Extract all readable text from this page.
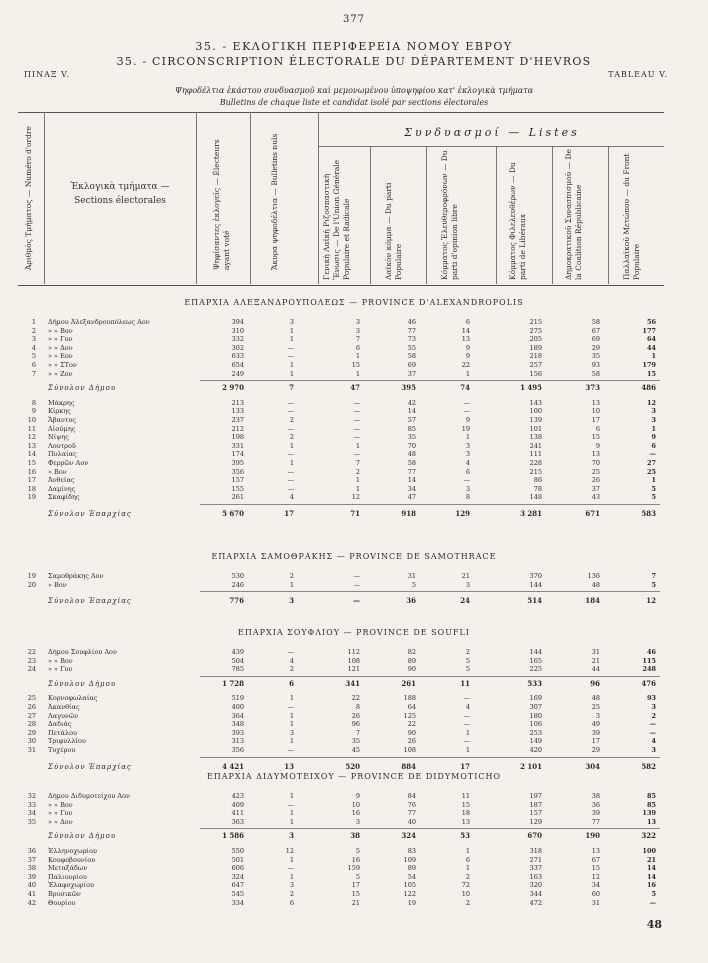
377
35. - ΕΚΛΟΓΙΚΗ ΠΕΡΙΦΕΡΕΙΑ ΝΟΜΟΥ ΕΒΡΟΥ
35. - CIRCONSCRIPTION ÉLECTORALE DU DÉPARTEMENT D'HEVROS
ΠΙΝΑΞ V.	TABLEAU V.
Ψηφοδέλτια ἑκάστου συνδυασμοῦ καὶ μεμονωμένου ὑποψηφίου κατ' ἐκλογικὰ τμήματα
Bulletins de chaque liste et candidat isolé par sections électorales
Ἀριθμὸς Τμήματος — Numéro d'ordre	Ἐκλογικὰ τμήματα — Sections électorales	Ψηφίσαντες ἐκλογεῖς — Électeurs ayant voté	Ἄκυρα ψηφοδέλτια — Bulletins nuls
Συνδυασμοί — Listes
Γενικὴ Λαϊκὴ Ριζοσπαστικὴ Ἕνωσις — De l'Union Générale Populaire et Radicale	Λαϊκὸν κόμμα — Du parti Populaire	Κόμματος Ἐλευθεροφρόνων — Du parti d'opinion libre	Κόμματος Φιλελευθέρων — Du parti de Libéraux	Δημοκρατικοῦ Συνασπισμοῦ — De la Coalition Républicaine	Παλλαϊκοῦ Μετώπου — du Front Populaire
ΕΠΑΡΧΙΑ ΑΛΕΞΑΝΔΡΟΥΠΟΛΕΩΣ — PROVINCE D'ALEXANDROPOLIS
1 Δήμου Ἀλεξανδρουπόλεως Αον	394	3	3	46	6	215	58	56
2 » » Βον	310	1	3	77	14	275	67	177
3 » » Γον	332	1	7	73	13	205	69	64
4 » » Δον	302	—	6	55	9	189	29	44
5 » » Εον	633	—	1	58	9	218	35	1
6 » » ΣΤον	654	1	15	69	22	257	93	179
7 » » Ζον	249	1	1	37	1	156	58	15
Σύνολον Δήμου	2 970	7	47	395	74	1 495	373	486
8 Μάκρης	213	—	—	42	—	143	13	12
9 Κίρκης	133	—	—	14	—	100	10	3
10 Ἄβαντος	237	2	—	57	9	139	17	3
11 Αἰσύμης	212	—	—	85	19	101	6	1
12 Νίψης	198	2	—	35	1	138	15	9
13 Λουτροῦ	331	1	1	70	3	241	9	6
14 Πυλαίας	174	—	—	48	3	111	13	—
15 Φερρῶν Αον	395	1	7	58	4	228	70	27
16 » Βον	356	—	2	77	6	215	25	25
17 Ἀνθείας	157	—	1	14	—	86	26	1
18 Δαμίνης	155	—	1	34	3	78	37	5
19 Σκαφίδης	261	4	12	47	8	148	43	5
Σύνολον Ἐπαρχίας	5 670	17	71	918	129	3 281	671	583
ΕΠΑΡΧΙΑ ΣΑΜΟΘΡΑΚΗΣ — PROVINCE DE SAMOTHRACE
19 Σαμοθράκης Αον	530	2	—	31	21	370	136	7
20 » Βον	246	1	—	5	3	144	48	5
Σύνολον Ἐπαρχίας	776	3	—	36	24	514	184	12
ΕΠΑΡΧΙΑ ΣΟΥΦΛΙΟΥ — PROVINCE DE SOUFLI
22 Δήμου Σουφλίου Αον	439	—	112	82	2	144	31	46
23 » » Βον	504	4	108	89	5	165	21	115
24 » » Γον	785	2	121	90	5	225	44	248
Σύνολον Δήμου	1 728	6	341	261	11	533	96	476
25 Κορνοφωλαίας	519	1	22	188	—	169	48	93
26 Ἀκανθίας	400	—	8	64	4	307	25	3
27 Λαγυνῶν	364	1	26	125	—	180	3	2
28 Δαδιάς	348	1	96	22	—	106	49	—
29 Πετάλου	393	3	7	90	1	253	39	—
30 Τριφυλλίου	313	1	35	26	—	149	17	4
31 Τυχέρου	356	—	45	108	1	420	29	3
Σύνολον Ἐπαρχίας	4 421	13	520	884	17	2 101	304	582
ΕΠΑΡΧΙΑ ΔΙΔΥΜΟΤΕΙΧΟΥ — PROVINCE DE DIDYMOTICHO
32 Δήμου Διδυμοτείχου Αον	423	1	9	84	11	197	38	85
33 » » Βον	409	—	10	76	15	187	36	85
34 » » Γον	411	1	16	77	18	157	39	139
35 » » Δον	363	1	3	40	13	129	77	13
Σύνολον Δήμου	1 586	3	38	324	53	670	190	322
36 Ἑλληνοχωρίου	550	12	5	83	1	318	13	100
37 Κουφοβουνίου	501	1	16	109	6	271	67	21
38 Μεταξάδων	606	—	159	89	1	337	15	14
39 Παλιουρίου	324	1	5	54	2	163	12	14
40 Ἐλαφοχωρίου	647	3	17	105	72	320	34	16
41 Βρυσικῶν	545	2	15	122	10	344	60	5
42 Θουρίου	334	6	21	19	2	472	31	—
48
